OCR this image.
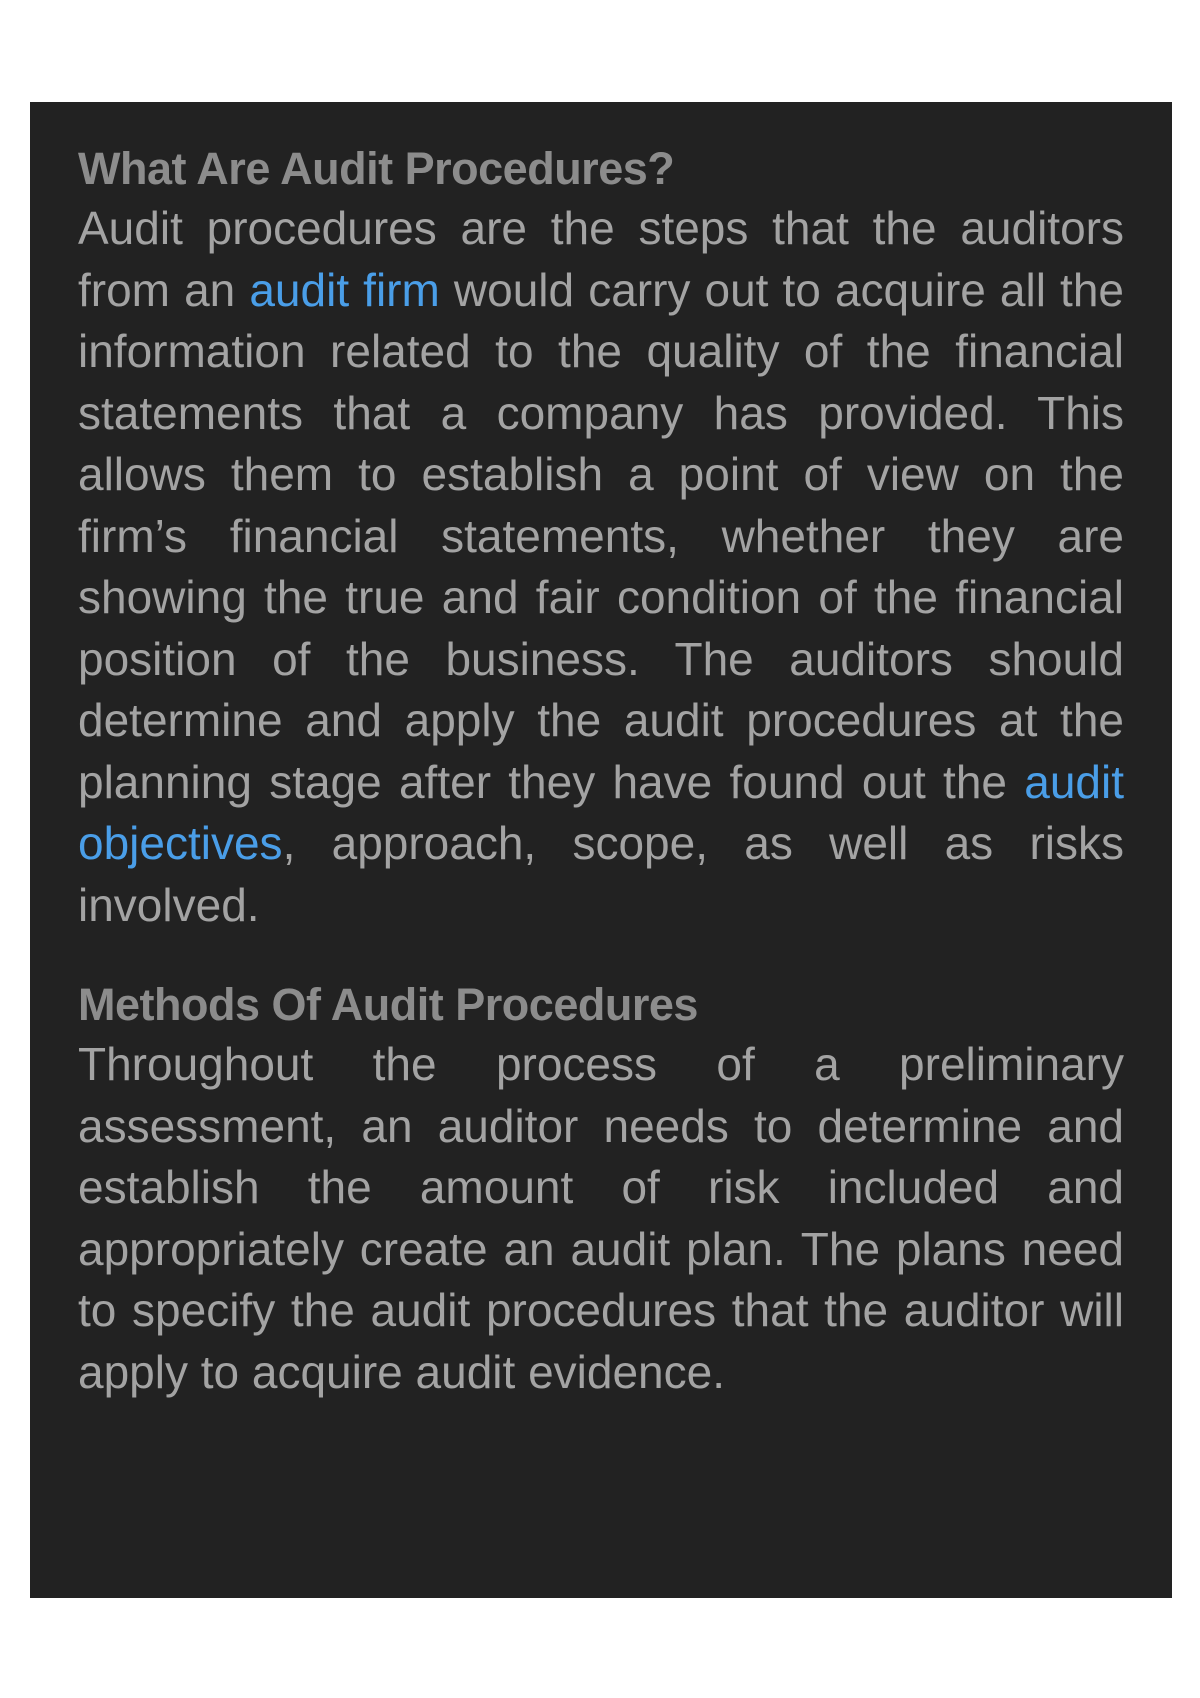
What Are Audit Procedures?

Audit procedures are the steps that the auditors from an audit firm would carry out to acquire all the information related to the quality of the financial statements that a company has provided. This allows them to establish a point of view on the firm’s financial statements, whether they are showing the true and fair condition of the financial position of the business. The auditors should determine and apply the audit procedures at the planning stage after they have found out the audit objectives, approach, scope, as well as risks involved.

Methods Of Audit Procedures

Throughout the process of a preliminary assessment, an auditor needs to determine and establish the amount of risk included and appropriately create an audit plan. The plans need to specify the audit procedures that the auditor will apply to acquire audit evidence.
